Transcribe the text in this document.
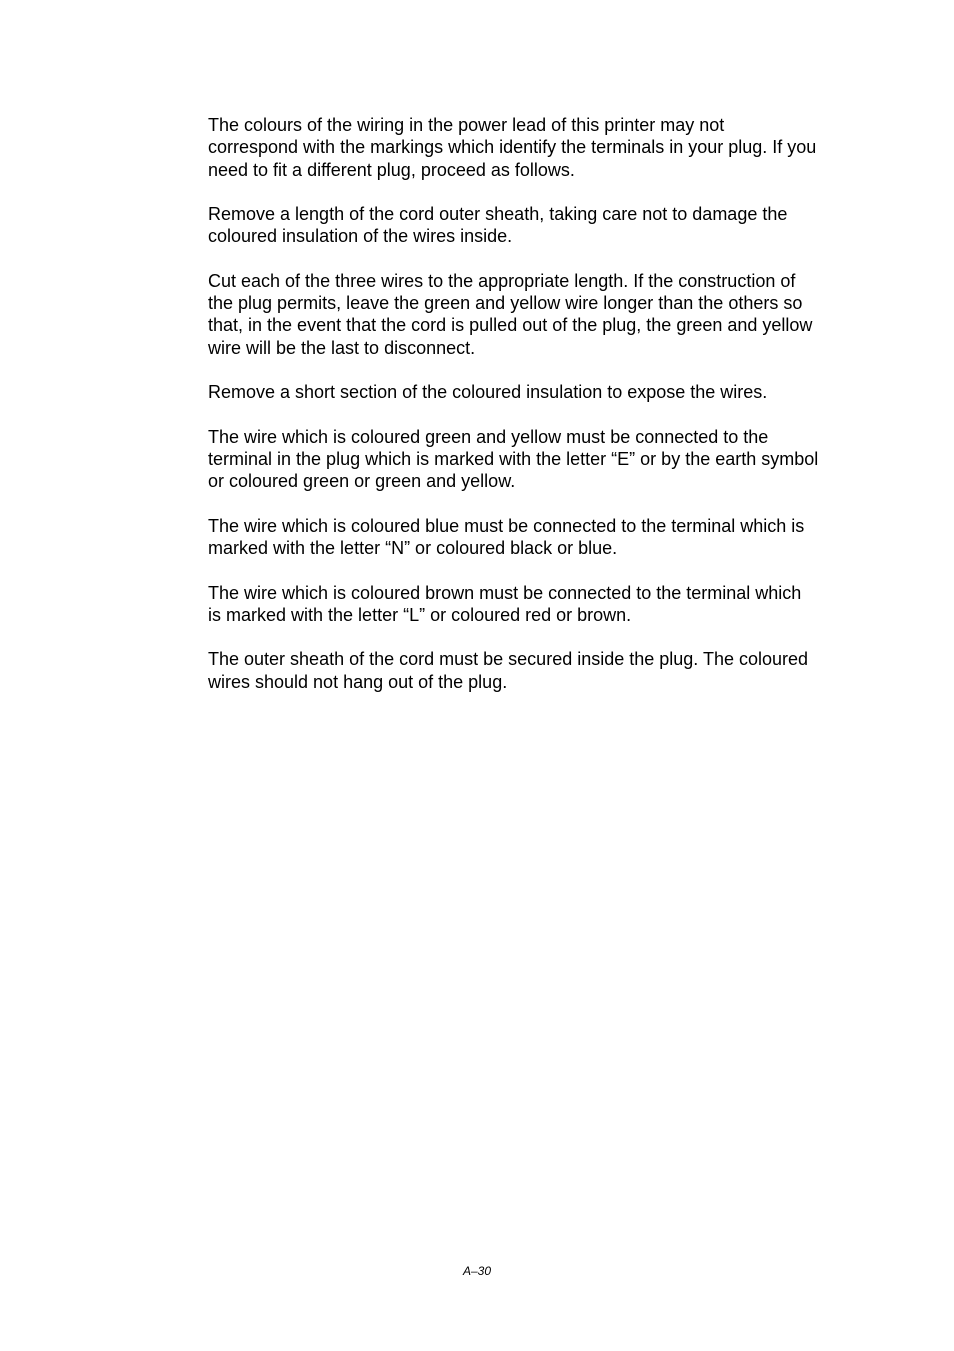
The colours of the wiring in the power lead of this printer may not
correspond with the markings which identify the terminals in your plug. If you
need to fit a different plug, proceed as follows.

Remove a length of the cord outer sheath, taking care not to damage the
coloured insulation of the wires inside.

Cut each of the three wires to the appropriate length. If the construction of
the plug permits, leave the green and yellow wire longer than the others so
that, in the event that the cord is pulled out of the plug, the green and yellow
wire will be the last to disconnect.

Remove a short section of the coloured insulation to expose the wires.

The wire which is coloured green and yellow must be connected to the
terminal in the plug which is marked with the letter “E” or by the earth symbol
or coloured green or green and yellow.

The wire which is coloured blue must be connected to the terminal which is
marked with the letter “N” or coloured black or blue.

The wire which is coloured brown must be connected to the terminal which
is marked with the letter “L” or coloured red or brown.

The outer sheath of the cord must be secured inside the plug. The coloured
wires should not hang out of the plug.

A–30
